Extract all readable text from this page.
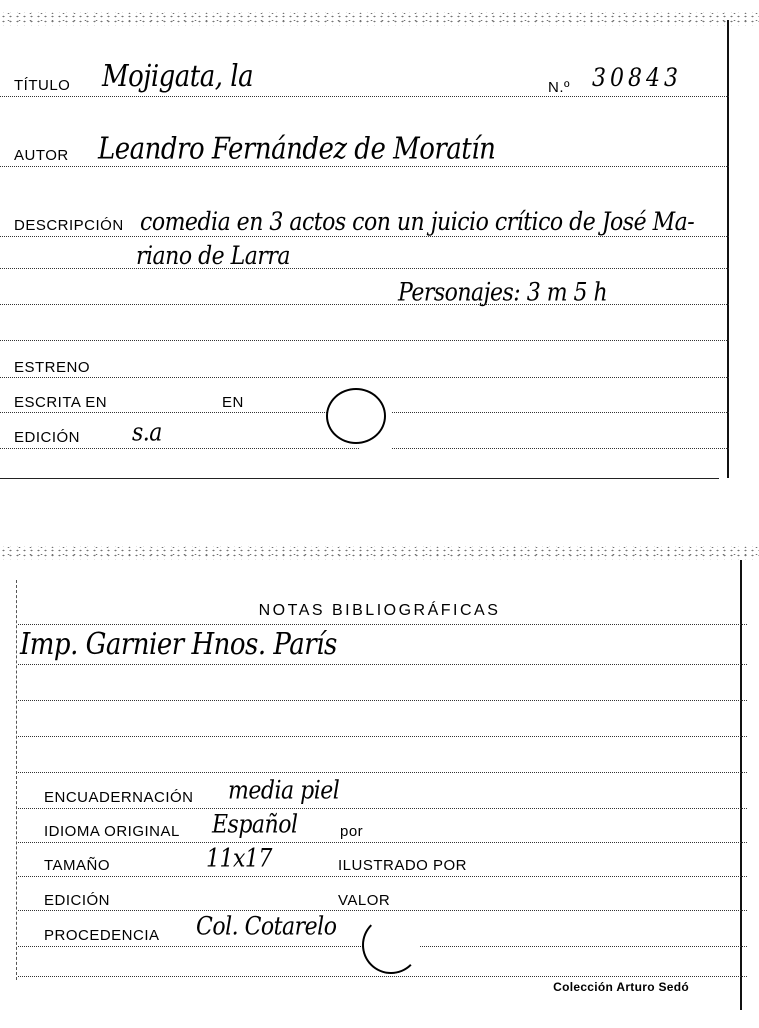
TÍTULO Mojigata, la	N.º 30843
AUTOR Leandro Fernández de Moratín
DESCRIPCIÓN comedia en 3 actos con un juicio crítico de José Ma-
riano de Larra
Personajes: 3 m 5 h
ESTRENO
ESCRITA EN	EN
EDICIÓN s.a
NOTAS BIBLIOGRÁFICAS
Imp. Garnier Hnos. París
ENCUADERNACIÓN media piel
IDIOMA ORIGINAL Español	por
TAMAÑO	11x17	ILUSTRADO POR
EDICIÓN	VALOR
PROCEDENCIA Col. Cotarelo
Colección Arturo Sedó
